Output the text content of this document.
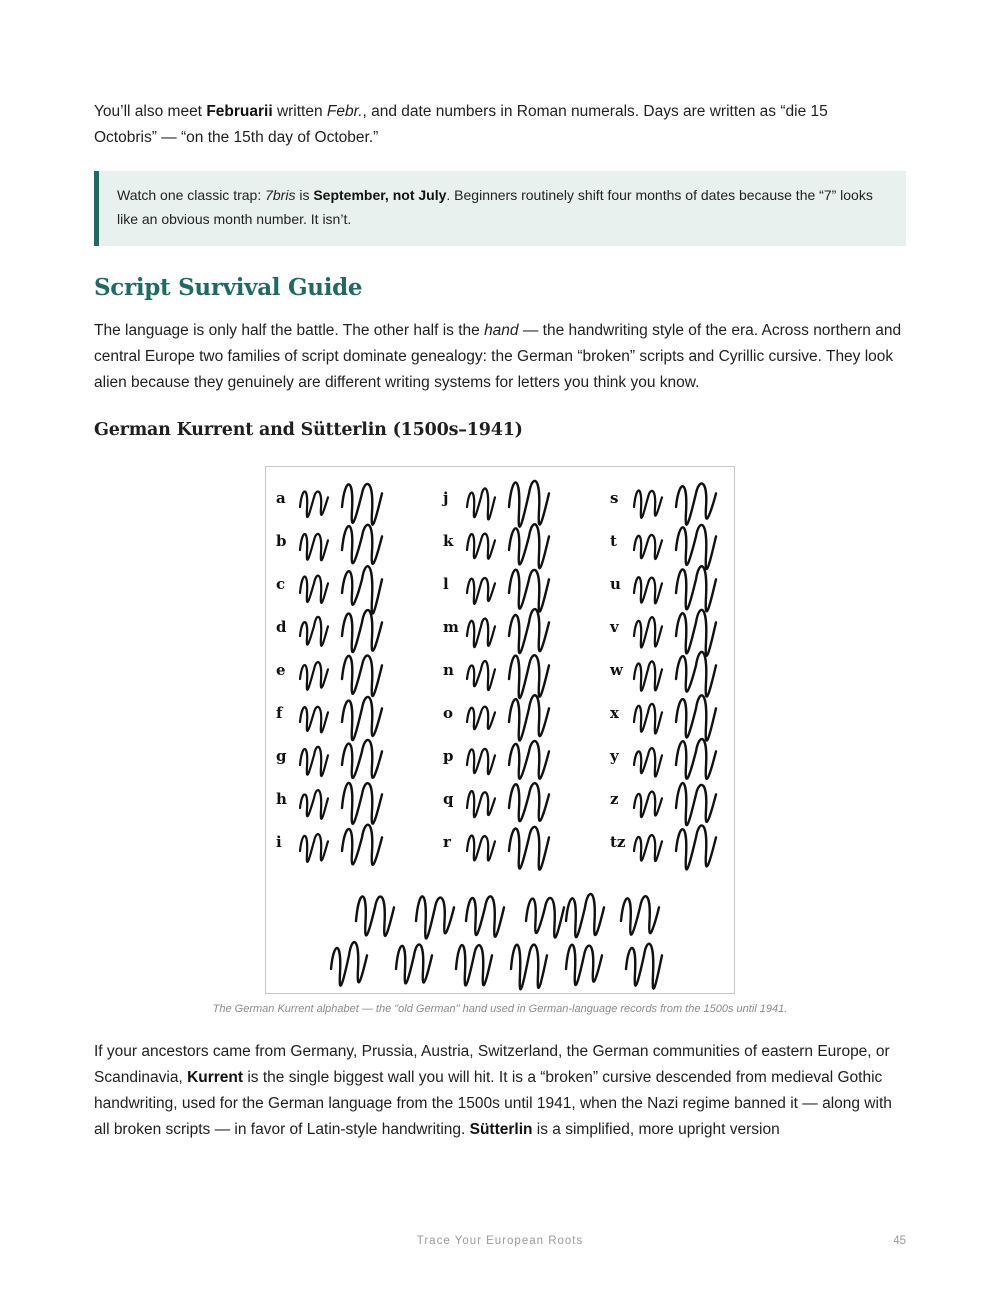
You’ll also meet Februarii written Febr., and date numbers in Roman numerals. Days are written as “die 15 Octobris” — “on the 15th day of October.”

Watch one classic trap: 7bris is September, not July. Beginners routinely shift four months of dates because the “7” looks like an obvious month number. It isn’t.

Script Survival Guide

The language is only half the battle. The other half is the hand — the handwriting style of the era. Across northern and central Europe two families of script dominate genealogy: the German “broken” scripts and Cyrillic cursive. They look alien because they genuinely are different writing systems for letters you think you know.

German Kurrent and Sütterlin (1500s–1941)
a
b
c
d
e
f
g
h
i
j
k
l
m
n
o
p
q
r
s
t
u
v
w
x
y
z
tz
The German Kurrent alphabet — the "old German" hand used in German-language records from the 1500s until 1941.

If your ancestors came from Germany, Prussia, Austria, Switzerland, the German communities of eastern Europe, or Scandinavia, Kurrent is the single biggest wall you will hit. It is a “broken” cursive descended from medieval Gothic handwriting, used for the German language from the 1500s until 1941, when the Nazi regime banned it — along with all broken scripts — in favor of Latin-style handwriting. Sütterlin is a simplified, more upright version

Trace Your European Roots	45
